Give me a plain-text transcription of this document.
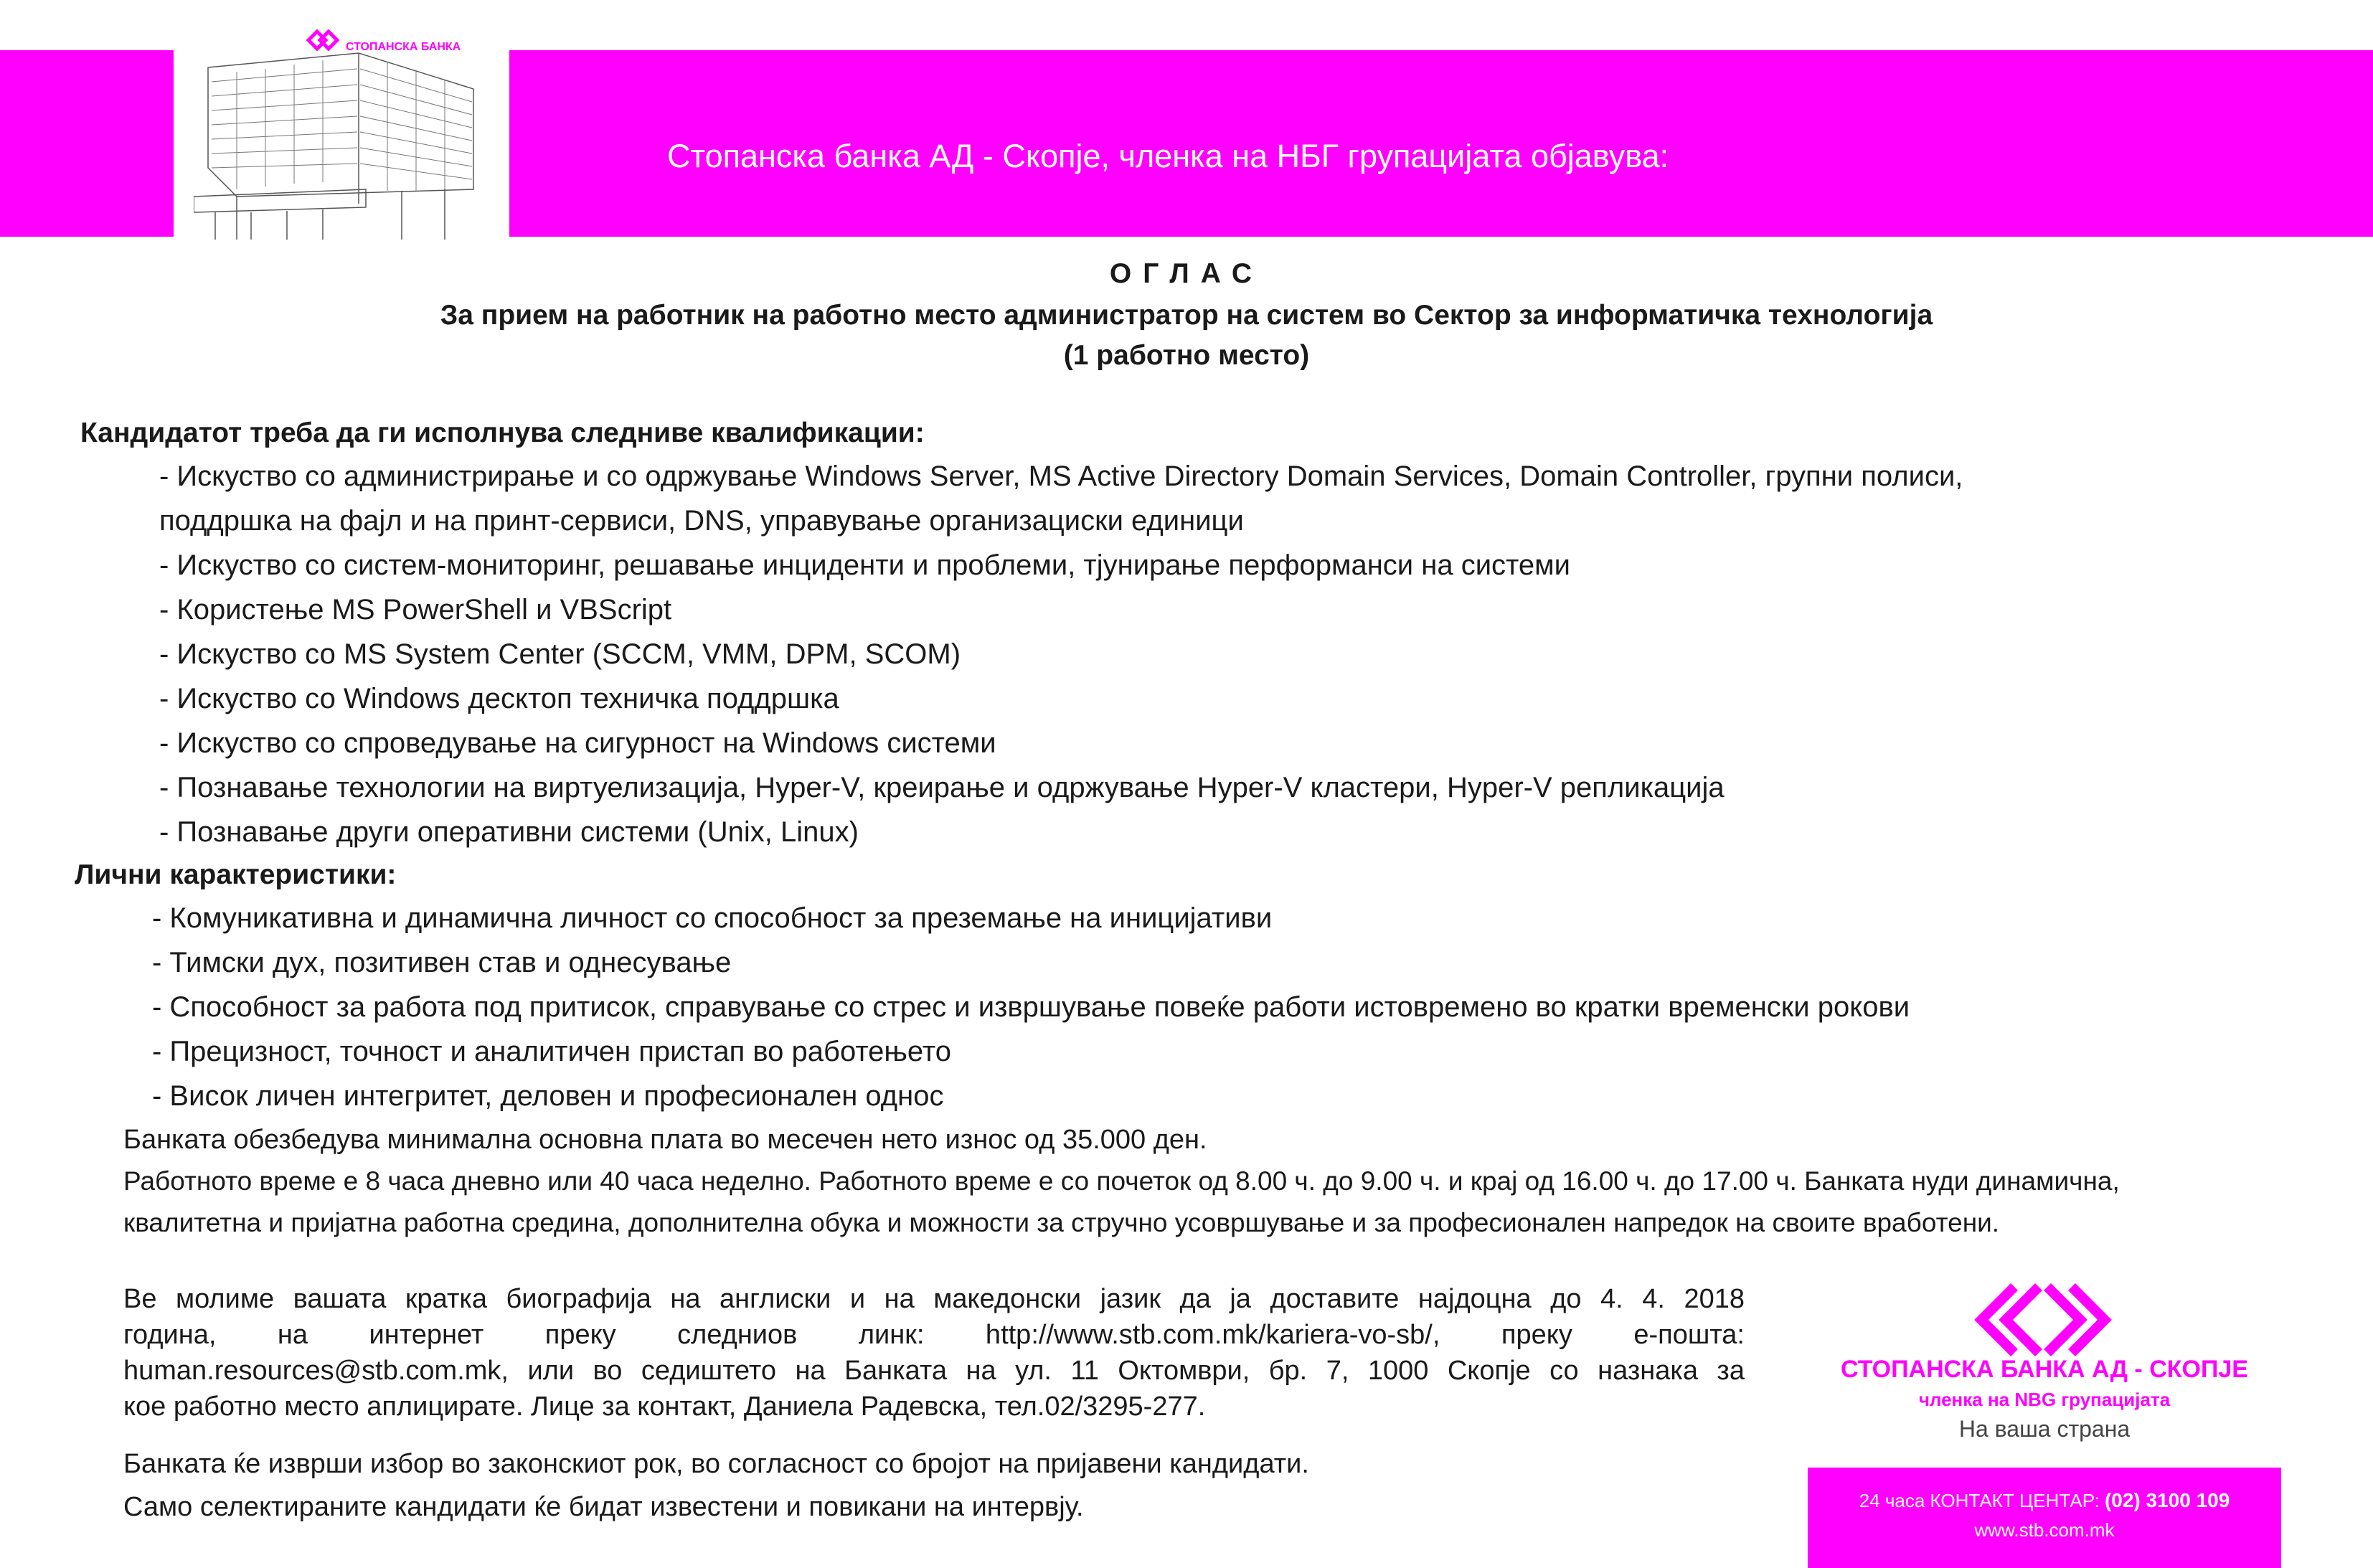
Стопанска банка АД - Скопје, членка на НБГ групацијата објавува:
СТОПАНСКА БАНКА
ОГЛАС
За прием на работник на работно место администратор на систем во Сектор за информатичка технологија
(1 работно место)
Кандидатот треба да ги исполнува следниве квалификации:
- Искуство со администрирање и со одржување Windows Server, MS Active Directory Domain Services, Domain Controller, групни полиси,
поддршка на фајл и на принт-сервиси, DNS, управување организациски единици
- Искуство со систем-мониторинг, решавање инциденти и проблеми, тјунирање перформанси на системи
- Користење MS PowerShell и VBScript
- Искуство со MS System Center (SCCM, VMM, DPM, SCOM)
- Искуство со Windows десктоп техничка поддршка
- Искуство со спроведување на сигурност на Windows системи
- Познавање технологии на виртуелизација, Hyper-V, креирање и одржување Hyper-V кластери, Hyper-V репликација
- Познавање други оперативни системи (Unix, Linux)
Лични карактеристики:
- Комуникативна и динамична личност со способност за преземање на иницијативи
- Тимски дух, позитивен став и однесување
- Способност за работа под притисок, справување со стрес и извршување повеќе работи истовремено во кратки временски рокови
- Прецизност, точност и аналитичен пристап во работењето
- Висок личен интегритет, деловен и професионален однос
Банката обезбедува минимална основна плата во месечен нето износ од 35.000 ден.
Работното време е 8 часа дневно или 40 часа неделно. Работното време е со почеток од 8.00 ч. до 9.00 ч. и крај од 16.00 ч. до 17.00 ч. Банката нуди динамична,
квалитетна и пријатна работна средина, дополнителна обука и можности за стручно усовршување и за професионален напредок на своите вработени.
Ве молиме вашата кратка биографија на англиски и на македонски јазик да ја доставите најдоцна до 4. 4. 2018
година, на интернет преку следниов линк: http://www.stb.com.mk/kariera-vo-sb/, преку е-пошта:
human.resources@stb.com.mk, или во седиштето на Банката на ул. 11 Октомври, бр. 7, 1000 Скопје со назнака за
кое работно место аплицирате. Лице за контакт, Даниела Радевска, тел.02/3295-277.
Банката ќе изврши избор во законскиот рок, во согласност со бројот на пријавени кандидати.
Само селектираните кандидати ќе бидат известени и повикани на интервју.
СТОПАНСКА БАНКА АД - СКОПЈЕ
членка на NBG групацијата
На ваша страна
24 часа КОНТАКТ ЦЕНТАР: (02) 3100 109
www.stb.com.mk
